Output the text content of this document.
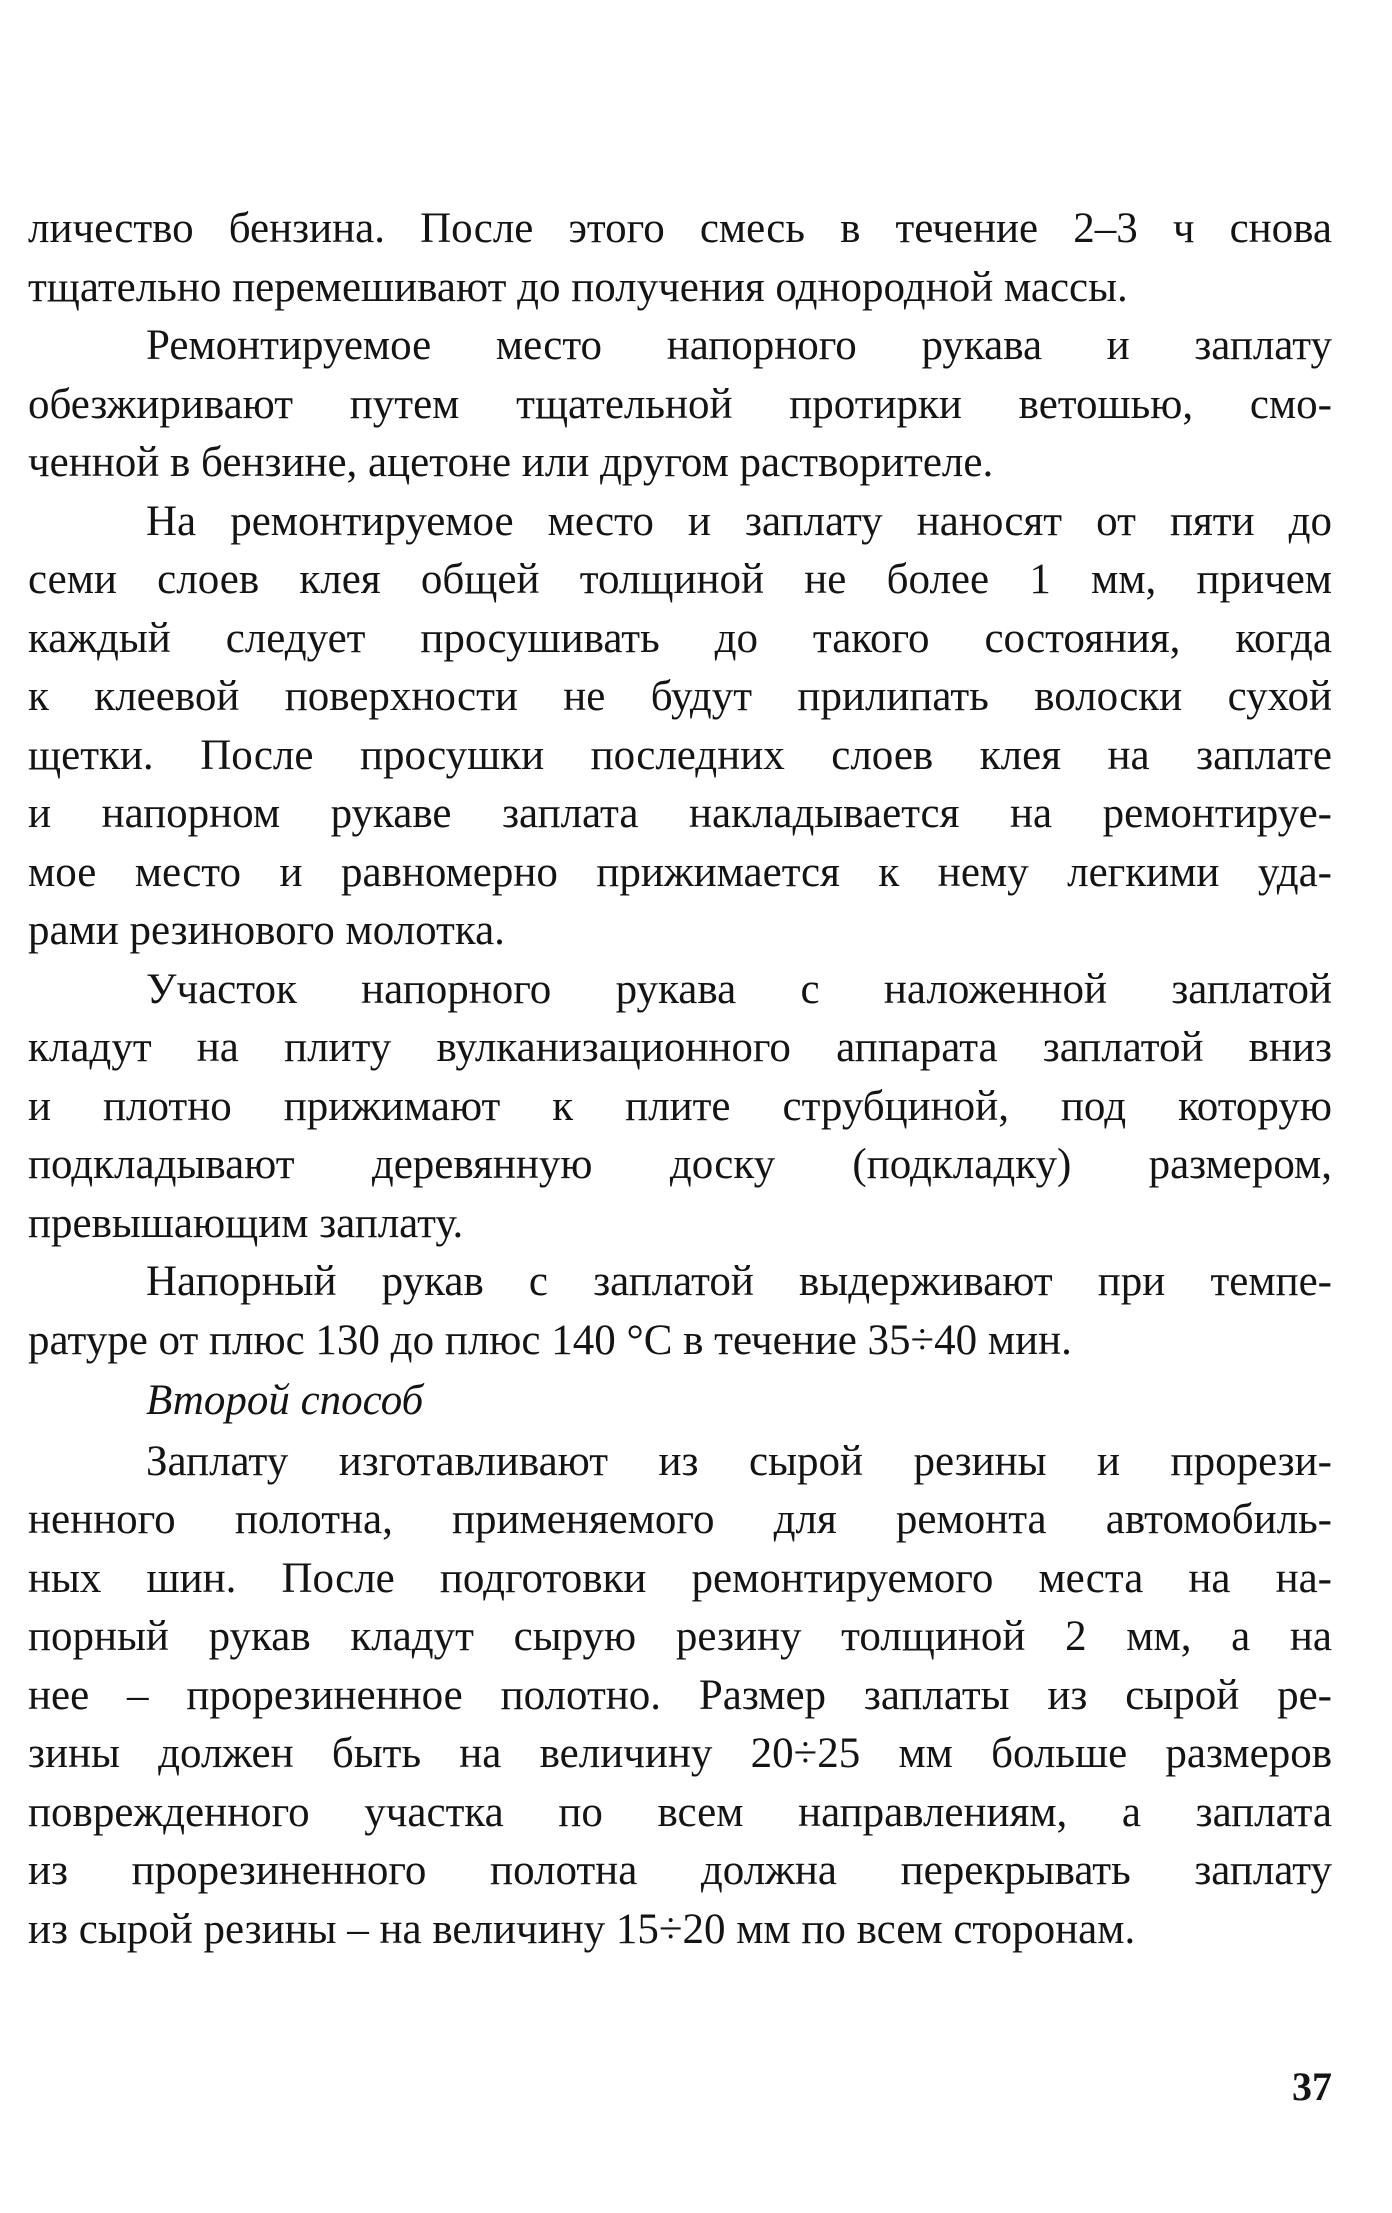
личество бензина. После этого смесь в течение 2–3 ч снова
тщательно перемешивают до получения однородной массы.
Ремонтируемое место напорного рукава и заплату
обезжиривают путем тщательной протирки ветошью, смо-
ченной в бензине, ацетоне или другом растворителе.
На ремонтируемое место и заплату наносят от пяти до
семи слоев клея общей толщиной не более 1 мм, причем
каждый следует просушивать до такого состояния, когда
к клеевой поверхности не будут прилипать волоски сухой
щетки. После просушки последних слоев клея на заплате
и напорном рукаве заплата накладывается на ремонтируе-
мое место и равномерно прижимается к нему легкими уда-
рами резинового молотка.
Участок напорного рукава с наложенной заплатой
кладут на плиту вулканизационного аппарата заплатой вниз
и плотно прижимают к плите струбциной, под которую
подкладывают деревянную доску (подкладку) размером,
превышающим заплату.
Напорный рукав с заплатой выдерживают при темпе-
ратуре от плюс 130 до плюс 140 °С в течение 35÷40 мин.
Второй способ
Заплату изготавливают из сырой резины и прорези-
ненного полотна, применяемого для ремонта автомобиль-
ных шин. После подготовки ремонтируемого места на на-
порный рукав кладут сырую резину толщиной 2 мм, а на
нее – прорезиненное полотно. Размер заплаты из сырой ре-
зины должен быть на величину 20÷25 мм больше размеров
поврежденного участка по всем направлениям, а заплата
из прорезиненного полотна должна перекрывать заплату
из сырой резины – на величину 15÷20 мм по всем сторонам.
37
